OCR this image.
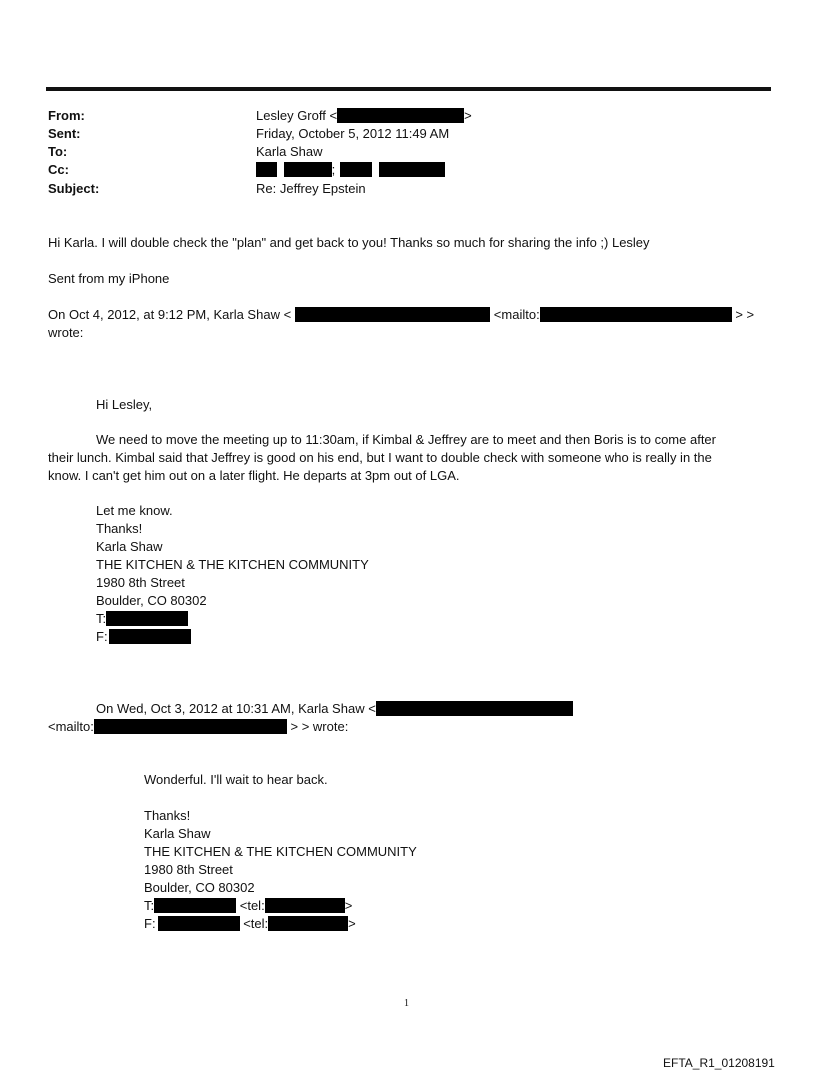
From:	Lesley Groff <	>
Sent:	Friday, October 5, 2012 11:49 AM
To:	Karla Shaw
Cc:	;
Subject:	Re: Jeffrey Epstein
Hi Karla. I will double check the "plan" and get back to you! Thanks so much for sharing the info ;) Lesley
Sent from my iPhone
On Oct 4, 2012, at 9:12 PM, Karla Shaw <	<mailto:	> >
wrote:
Hi Lesley,
We need to move the meeting up to 11:30am, if Kimbal & Jeffrey are to meet and then Boris is to come after
their lunch. Kimbal said that Jeffrey is good on his end, but I want to double check with someone who is really in the
know. I can't get him out on a later flight. He departs at 3pm out of LGA.
Let me know.
Thanks!
Karla Shaw
THE KITCHEN & THE KITCHEN COMMUNITY
1980 8th Street
Boulder, CO 80302
T:
F:
On Wed, Oct 3, 2012 at 10:31 AM, Karla Shaw <
<mailto:	> > wrote:
Wonderful. I'll wait to hear back.
Thanks!
Karla Shaw
THE KITCHEN & THE KITCHEN COMMUNITY
1980 8th Street
Boulder, CO 80302
T:	<tel:	>
F:	<tel:	>
1
EFTA_R1_01208191
